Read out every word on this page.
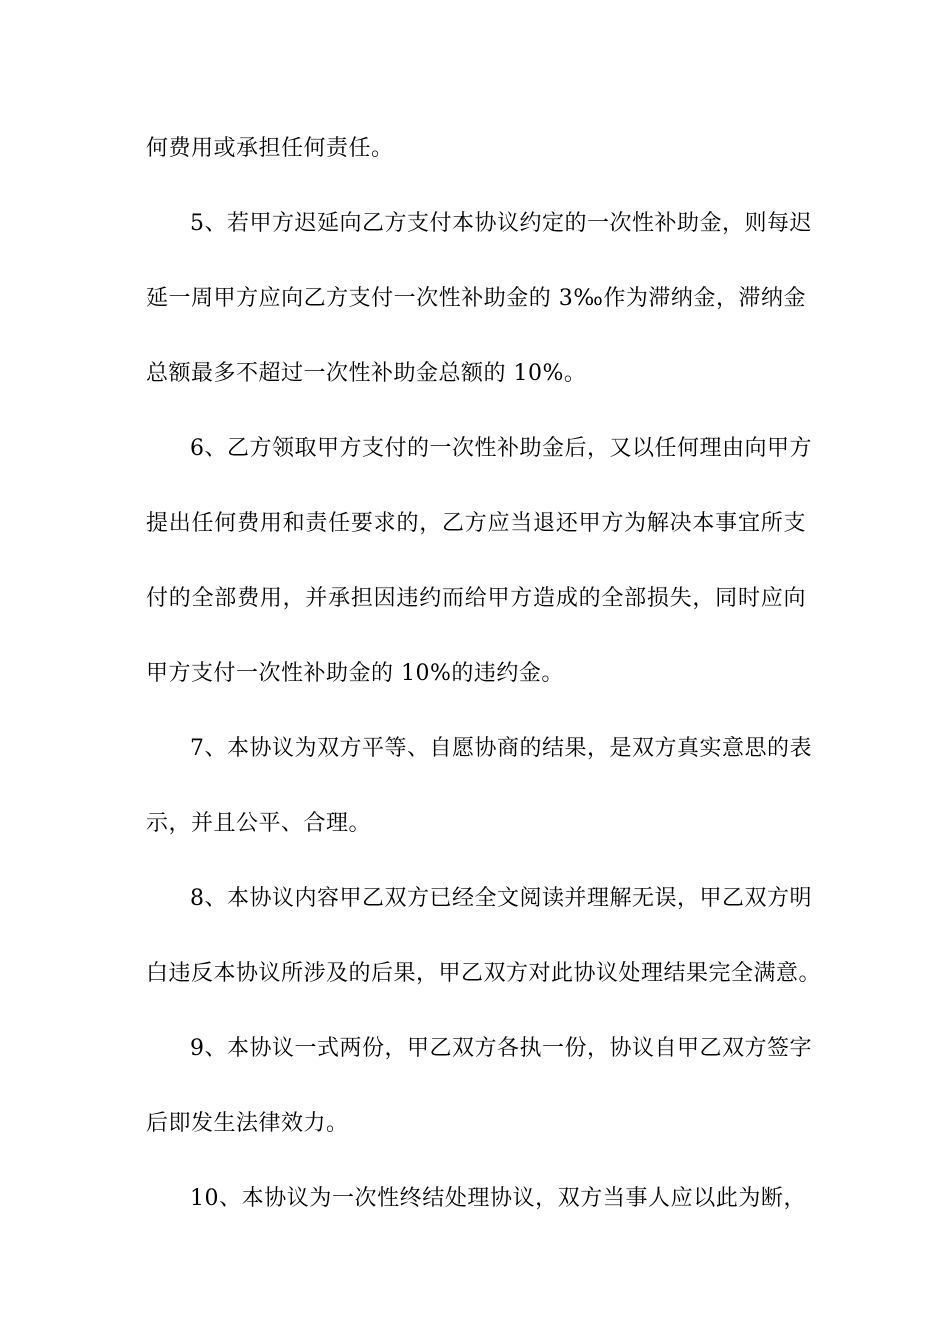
何费用或承担任何责任。
5、若甲方迟延向乙方支付本协议约定的一次性补助金，则每迟
延一周甲方应向乙方支付一次性补助金的 3‰作为滞纳金，滞纳金
总额最多不超过一次性补助金总额的 10%。
6、乙方领取甲方支付的一次性补助金后，又以任何理由向甲方
提出任何费用和责任要求的，乙方应当退还甲方为解决本事宜所支
付的全部费用，并承担因违约而给甲方造成的全部损失，同时应向
甲方支付一次性补助金的 10%的违约金。
7、本协议为双方平等、自愿协商的结果，是双方真实意思的表
示，并且公平、合理。
8、本协议内容甲乙双方已经全文阅读并理解无误，甲乙双方明
白违反本协议所涉及的后果，甲乙双方对此协议处理结果完全满意。
9、本协议一式两份，甲乙双方各执一份，协议自甲乙双方签字
后即发生法律效力。
10、本协议为一次性终结处理协议，双方当事人应以此为断，
